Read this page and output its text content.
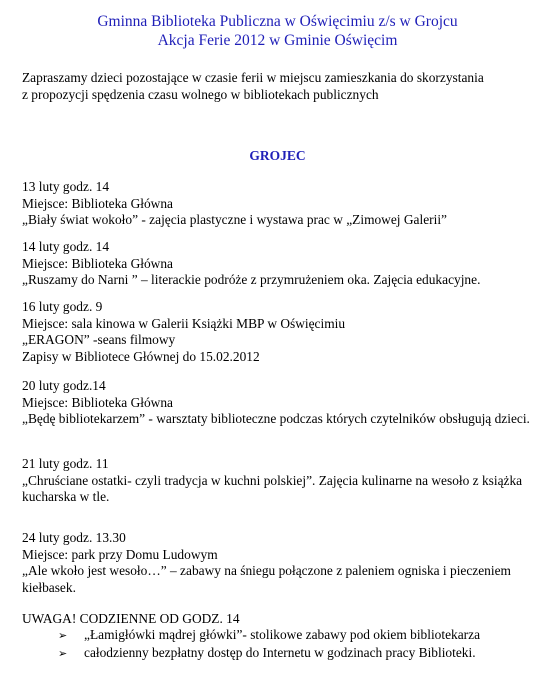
Gminna Biblioteka Publiczna w Oświęcimiu z/s w Grojcu
Akcja Ferie 2012 w Gminie Oświęcim
Zapraszamy dzieci pozostające w czasie ferii w miejscu zamieszkania do skorzystania
z propozycji spędzenia czasu wolnego w bibliotekach publicznych
GROJEC
13 luty godz. 14
Miejsce: Biblioteka Główna
„Biały świat wokoło” - zajęcia plastyczne i wystawa prac w „Zimowej Galerii”
14 luty godz. 14
Miejsce: Biblioteka Główna
„Ruszamy do Narni ” – literackie podróże z przymrużeniem oka. Zajęcia edukacyjne.
16 luty godz. 9
Miejsce: sala kinowa w Galerii Książki MBP w Oświęcimiu
„ERAGON” -seans filmowy
Zapisy w Bibliotece Głównej do 15.02.2012
20 luty godz.14
Miejsce: Biblioteka Główna
„Będę bibliotekarzem” - warsztaty biblioteczne podczas których czytelników obsługują dzieci.
21 luty godz. 11
„Chruściane ostatki- czyli tradycja w kuchni polskiej”. Zajęcia kulinarne na wesoło z książka kucharska w tle.
24 luty godz. 13.30
Miejsce: park przy Domu Ludowym
„Ale wkoło jest wesoło…” – zabawy na śniegu połączone z paleniem ogniska i pieczeniem kiełbasek.
UWAGA! CODZIENNE OD GODZ. 14
➢	„Łamigłówki mądrej główki”- stolikowe zabawy pod okiem bibliotekarza
➢	całodzienny bezpłatny dostęp do Internetu w godzinach pracy Biblioteki.
